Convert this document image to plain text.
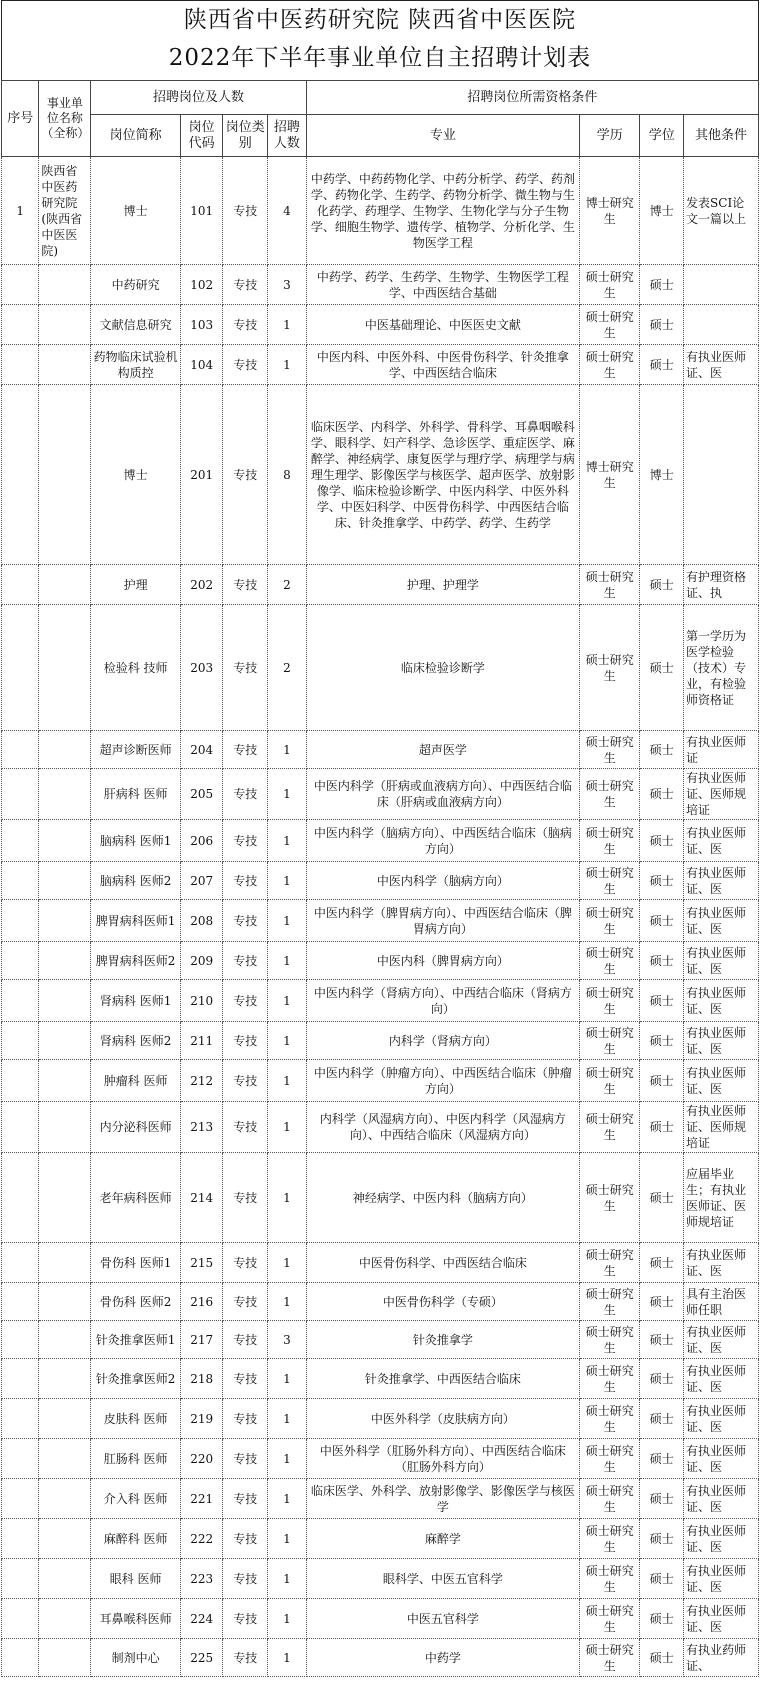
陕西省中医药研究院 陕西省中医医院
2022年下半年事业单位自主招聘计划表
序号	事业单位名称（全称）	招聘岗位及人数				招聘岗位所需资格条件			
		岗位简称	岗位代码	岗位类别	招聘人数	专业	学历	学位	其他条件
1	陕西省中医药研究院(陕西省中医医院)	博士	101	专技	4	中药学、中药药物化学、中药分析学、药学、药剂学、药物化学、生药学、药物分析学、微生物与生化药学、药理学、生物学、生物化学与分子生物学、细胞生物学、遗传学、植物学、分析化学、生物医学工程	博士研究生	博士	发表SCI论文一篇以上
		中药研究	102	专技	3	中药学、药学、生药学、生物学、生物医学工程学、中西医结合基础	硕士研究生	硕士	
		文献信息研究	103	专技	1	中医基础理论、中医医史文献	硕士研究生	硕士	
		药物临床试验机构质控	104	专技	1	中医内科、中医外科、中医骨伤科学、针灸推拿学、中西医结合临床	硕士研究生	硕士	有执业医师证、医
		博士	201	专技	8	临床医学、内科学、外科学、骨科学、耳鼻咽喉科学、眼科学、妇产科学、急诊医学、重症医学、麻醉学、神经病学、康复医学与理疗学、病理学与病理生理学、影像医学与核医学、超声医学、放射影像学、临床检验诊断学、中医内科学、中医外科学、中医妇科学、中医骨伤科学、中西医结合临床、针灸推拿学、中药学、药学、生药学	博士研究生	博士	
		护理	202	专技	2	护理、护理学	硕士研究生	硕士	有护理资格证、执
		检验科 技师	203	专技	2	临床检验诊断学	硕士研究生	硕士	第一学历为医学检验（技术）专业，有检验师资格证
		超声诊断医师	204	专技	1	超声医学	硕士研究生	硕士	有执业医师证
		肝病科 医师	205	专技	1	中医内科学（肝病或血液病方向）、中西医结合临床（肝病或血液病方向）	硕士研究生	硕士	有执业医师证、医师规培证
		脑病科 医师1	206	专技	1	中医内科学（脑病方向）、中西医结合临床（脑病方向）	硕士研究生	硕士	有执业医师证、医
		脑病科 医师2	207	专技	1	中医内科学（脑病方向）	硕士研究生	硕士	有执业医师证、医
		脾胃病科医师1	208	专技	1	中医内科学（脾胃病方向）、中西医结合临床（脾胃病方向）	硕士研究生	硕士	有执业医师证、医
		脾胃病科医师2	209	专技	1	中医内科（脾胃病方向）	硕士研究生	硕士	有执业医师证、医
		肾病科 医师1	210	专技	1	中医内科学（肾病方向）、中西结合临床（肾病方向）	硕士研究生	硕士	有执业医师证、医
		肾病科 医师2	211	专技	1	内科学（肾病方向）	硕士研究生	硕士	有执业医师证、医
		肿瘤科 医师	212	专技	1	中医内科学（肿瘤方向）、中西医结合临床（肿瘤方向）	硕士研究生	硕士	有执业医师证、医
		内分泌科医师	213	专技	1	内科学（风湿病方向）、中医内科学（风湿病方向）、中西结合临床（风湿病方向）	硕士研究生	硕士	有执业医师证、医师规培证
		老年病科医师	214	专技	1	神经病学、中医内科（脑病方向）	硕士研究生	硕士	应届毕业生；有执业医师证、医师规培证
		骨伤科 医师1	215	专技	1	中医骨伤科学、中西医结合临床	硕士研究生	硕士	有执业医师证、医
		骨伤科 医师2	216	专技	1	中医骨伤科学（专硕）	硕士研究生	硕士	具有主治医师任职
		针灸推拿医师1	217	专技	3	针灸推拿学	硕士研究生	硕士	有执业医师证、医
		针灸推拿医师2	218	专技	1	针灸推拿学、中西医结合临床	硕士研究生	硕士	有执业医师证、医
		皮肤科 医师	219	专技	1	中医外科学（皮肤病方向）	硕士研究生	硕士	有执业医师证、医
		肛肠科 医师	220	专技	1	中医外科学（肛肠外科方向）、中西医结合临床（肛肠外科方向）	硕士研究生	硕士	有执业医师证、医
		介入科 医师	221	专技	1	临床医学、外科学、放射影像学、影像医学与核医学	硕士研究生	硕士	有执业医师证、医
		麻醉科 医师	222	专技	1	麻醉学	硕士研究生	硕士	有执业医师证、医
		眼科 医师	223	专技	1	眼科学、中医五官科学	硕士研究生	硕士	有执业医师证、医
		耳鼻喉科医师	224	专技	1	中医五官科学	硕士研究生	硕士	有执业医师证、医
		制剂中心	225	专技	1	中药学	硕士研究生	硕士	有执业药师证、
